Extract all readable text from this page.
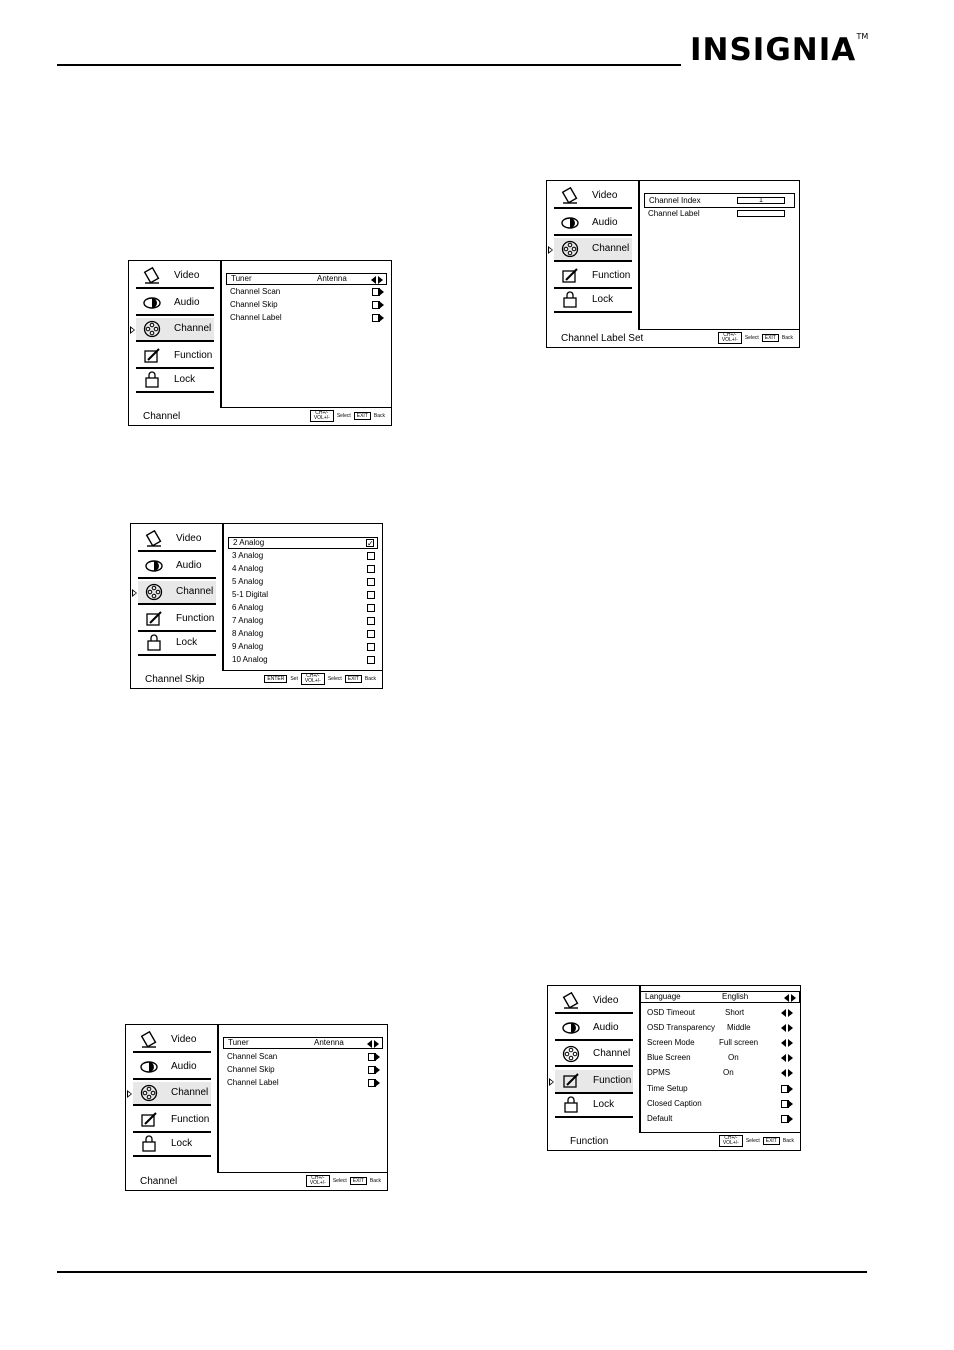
INSIGNIA TM
Video
Audio
Channel
Function
Lock
Tuner	Antenna
Channel Scan
Channel Skip
Channel Label
Channel	CH+/-
VOL+/-	Select	EXIT	Back
Video
Audio
Channel
Function
Lock
2 Analog	✓
3 Analog
4 Analog
5 Analog
5-1 Digital
6 Analog
7 Analog
8 Analog
9 Analog
10 Analog
Channel Skip	ENTER	Set	CH+/-
VOL+/-	Select	EXIT	Back
Video
Audio
Channel
Function
Lock
Tuner	Antenna
Channel Scan
Channel Skip
Channel Label
Channel	CH+/-
VOL+/-	Select	EXIT	Back
Video
Audio
Channel
Function
Lock
Channel Index	1
Channel Label
Channel Label Set	CH+/-
VOL+/-	Select	EXIT	Back
Video
Audio
Channel
Function
Lock
Language	English
OSD Timeout	Short
OSD Transparency Middle
Screen Mode	Full screen
Blue Screen	On
DPMS	On
Time Setup
Closed Caption
Default
Function	CH+/-
VOL+/-	Select	EXIT	Back
